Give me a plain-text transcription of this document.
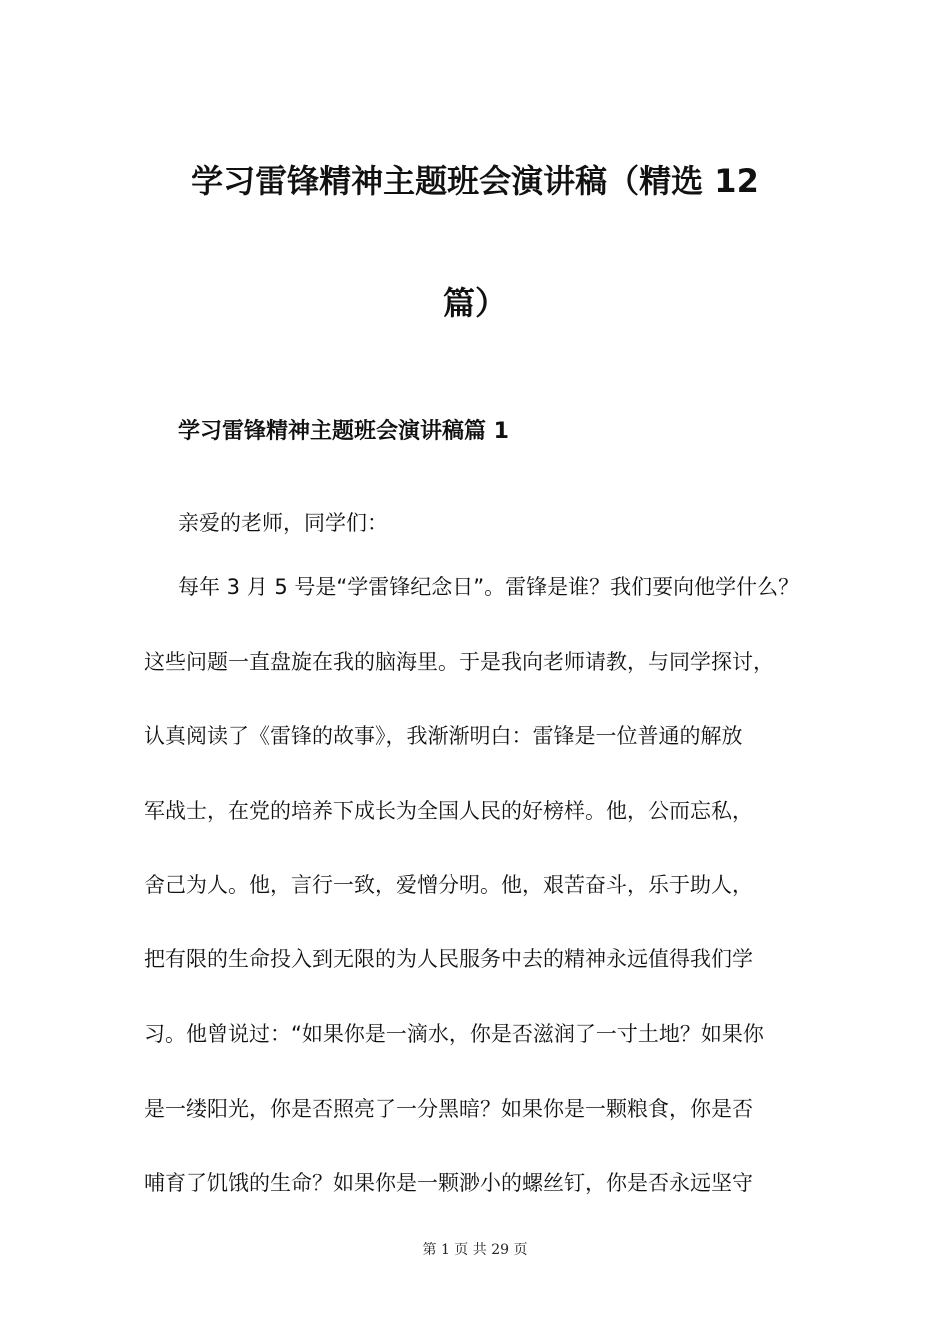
学习雷锋精神主题班会演讲稿（精选 12
篇）
学习雷锋精神主题班会演讲稿篇 1
亲爱的老师，同学们：
每年 3 月 5 号是“学雷锋纪念日”。雷锋是谁？我们要向他学什么？
这些问题一直盘旋在我的脑海里。于是我向老师请教，与同学探讨，
认真阅读了《雷锋的故事》，我渐渐明白：雷锋是一位普通的解放
军战士，在党的培养下成长为全国人民的好榜样。他，公而忘私，
舍己为人。他，言行一致，爱憎分明。他，艰苦奋斗，乐于助人，
把有限的生命投入到无限的为人民服务中去的精神永远值得我们学
习。他曾说过：“如果你是一滴水，你是否滋润了一寸土地？如果你
是一缕阳光，你是否照亮了一分黑暗？如果你是一颗粮食，你是否
哺育了饥饿的生命？如果你是一颗渺小的螺丝钉，你是否永远坚守
第 1 页 共 29 页
